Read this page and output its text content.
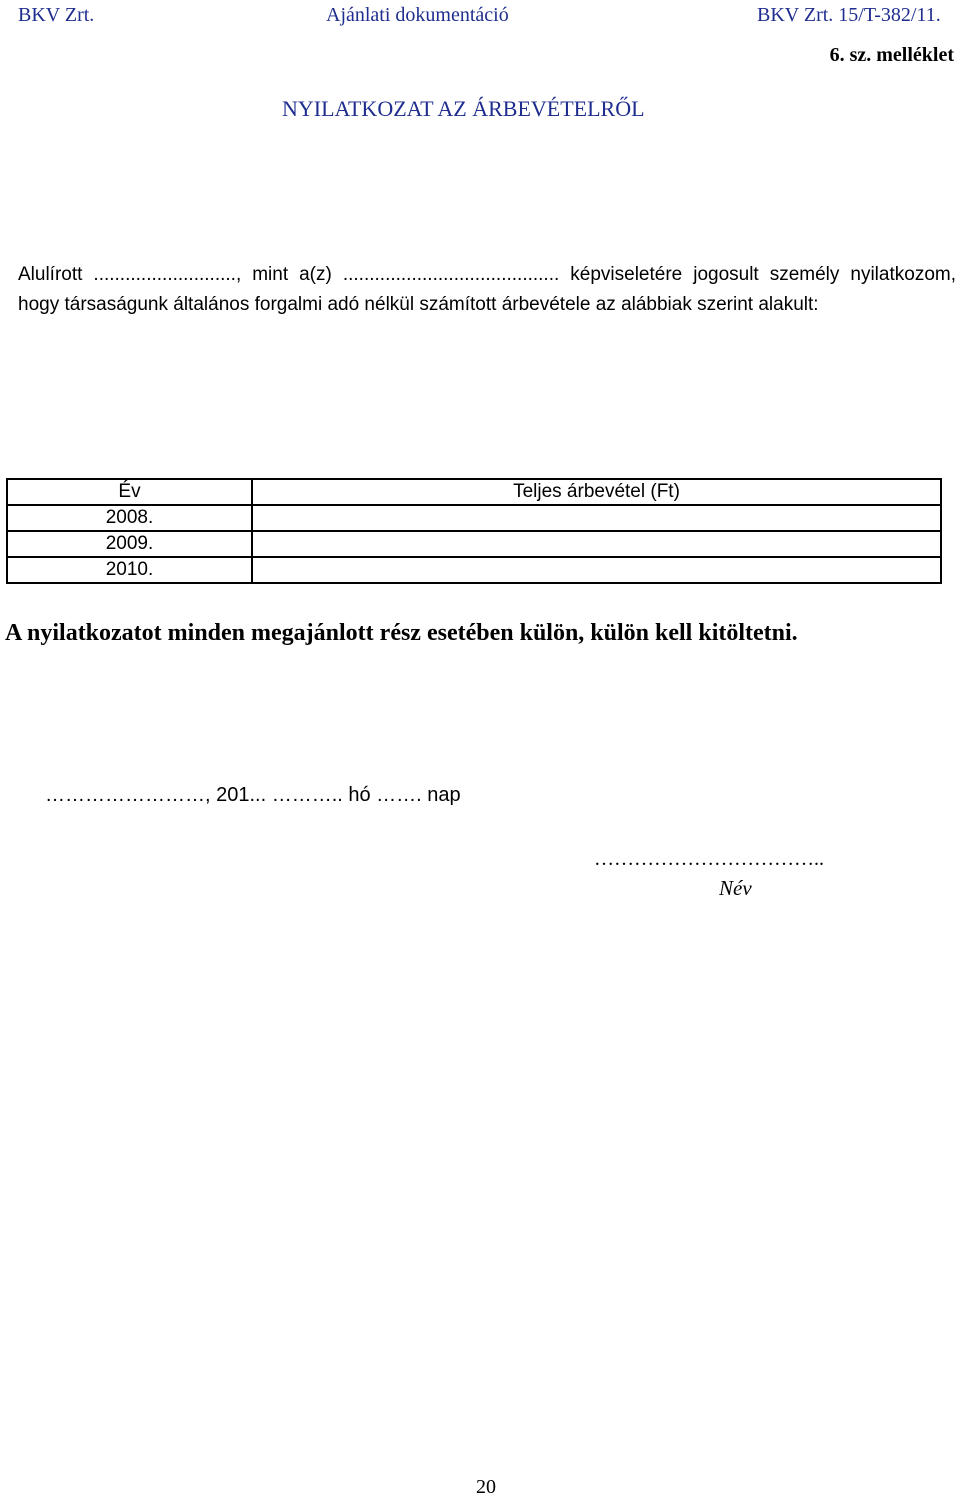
BKV Zrt.	Ajánlati dokumentáció	BKV Zrt. 15/T-382/11.
6. sz. melléklet
NYILATKOZAT AZ ÁRBEVÉTELRŐL

Alulírott ..........................., mint a(z) ......................................... képviseletére jogosult személy nyilatkozom, hogy társaságunk általános forgalmi adó nélkül számított árbevétele az alábbiak szerint alakult:

Év	Teljes árbevétel (Ft)
2008.	
2009.	
2010.	
A nyilatkozatot minden megajánlott rész esetében külön, külön kell kitöltetni.
……………………, 201... ……….. hó ……. nap
……………………………..
Név
20
